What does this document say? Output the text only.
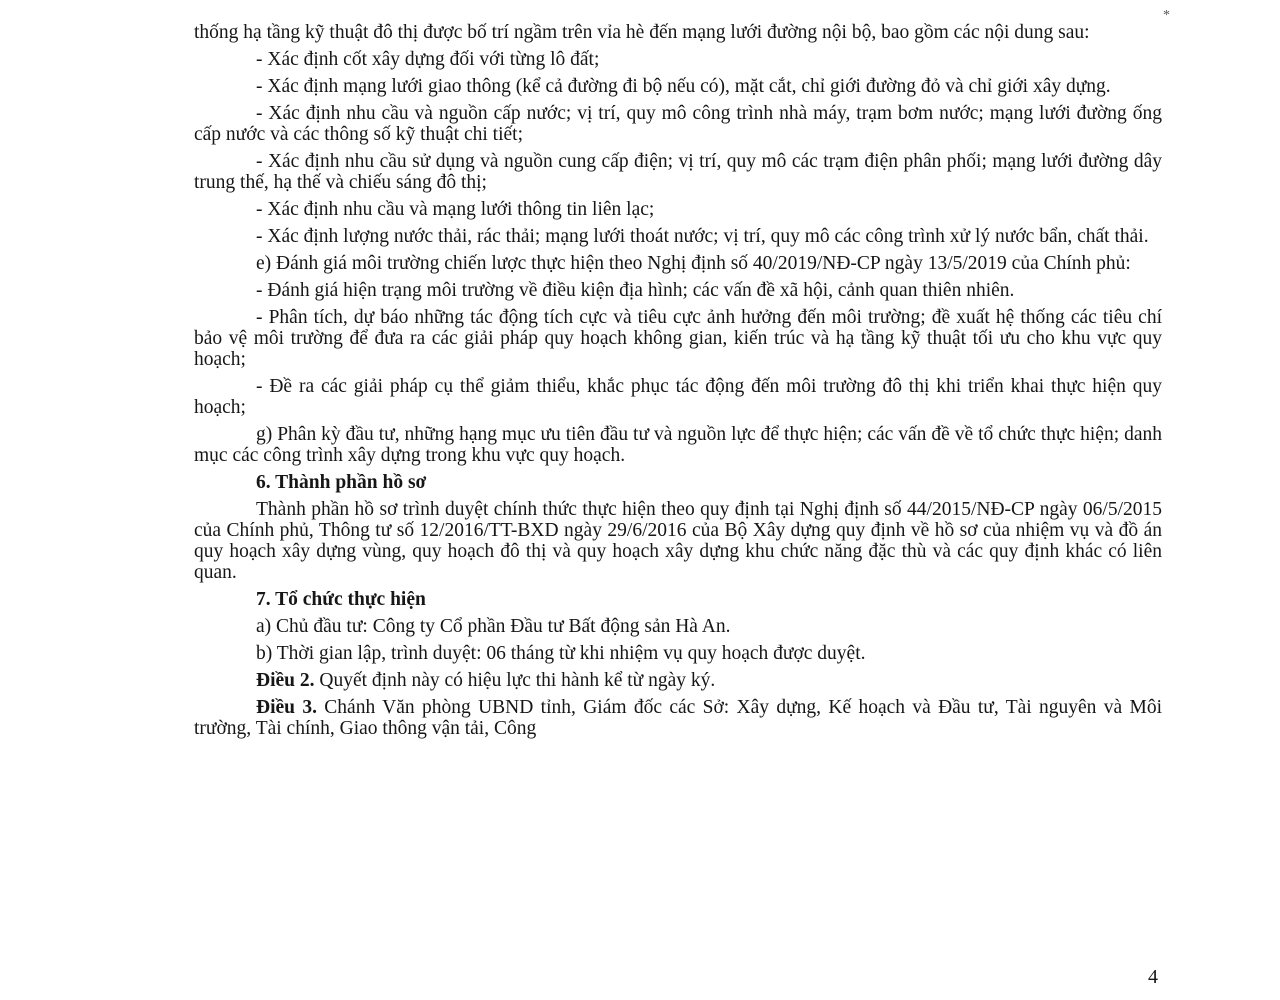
*

thống hạ tầng kỹ thuật đô thị được bố trí ngầm trên vỉa hè đến mạng lưới đường nội bộ, bao gồm các nội dung sau:

- Xác định cốt xây dựng đối với từng lô đất;

- Xác định mạng lưới giao thông (kể cả đường đi bộ nếu có), mặt cắt, chỉ giới đường đỏ và chỉ giới xây dựng.

- Xác định nhu cầu và nguồn cấp nước; vị trí, quy mô công trình nhà máy, trạm bơm nước; mạng lưới đường ống cấp nước và các thông số kỹ thuật chi tiết;

- Xác định nhu cầu sử dụng và nguồn cung cấp điện; vị trí, quy mô các trạm điện phân phối; mạng lưới đường dây trung thế, hạ thế và chiếu sáng đô thị;

- Xác định nhu cầu và mạng lưới thông tin liên lạc;

- Xác định lượng nước thải, rác thải; mạng lưới thoát nước; vị trí, quy mô các công trình xử lý nước bẩn, chất thải.

e) Đánh giá môi trường chiến lược thực hiện theo Nghị định số 40/2019/NĐ-CP ngày 13/5/2019 của Chính phủ:

- Đánh giá hiện trạng môi trường về điều kiện địa hình; các vấn đề xã hội, cảnh quan thiên nhiên.

- Phân tích, dự báo những tác động tích cực và tiêu cực ảnh hưởng đến môi trường; đề xuất hệ thống các tiêu chí bảo vệ môi trường để đưa ra các giải pháp quy hoạch không gian, kiến trúc và hạ tầng kỹ thuật tối ưu cho khu vực quy hoạch;

- Đề ra các giải pháp cụ thể giảm thiểu, khắc phục tác động đến môi trường đô thị khi triển khai thực hiện quy hoạch;

g) Phân kỳ đầu tư, những hạng mục ưu tiên đầu tư và nguồn lực để thực hiện; các vấn đề về tổ chức thực hiện; danh mục các công trình xây dựng trong khu vực quy hoạch.

6. Thành phần hồ sơ

Thành phần hồ sơ trình duyệt chính thức thực hiện theo quy định tại Nghị định số 44/2015/NĐ-CP ngày 06/5/2015 của Chính phủ, Thông tư số 12/2016/TT-BXD ngày 29/6/2016 của Bộ Xây dựng quy định về hồ sơ của nhiệm vụ và đồ án quy hoạch xây dựng vùng, quy hoạch đô thị và quy hoạch xây dựng khu chức năng đặc thù và các quy định khác có liên quan.

7. Tổ chức thực hiện

a) Chủ đầu tư: Công ty Cổ phần Đầu tư Bất động sản Hà An.

b) Thời gian lập, trình duyệt: 06 tháng từ khi nhiệm vụ quy hoạch được duyệt.

Điều 2. Quyết định này có hiệu lực thi hành kể từ ngày ký.

Điều 3. Chánh Văn phòng UBND tỉnh, Giám đốc các Sở: Xây dựng, Kế hoạch và Đầu tư, Tài nguyên và Môi trường, Tài chính, Giao thông vận tải, Công

4
